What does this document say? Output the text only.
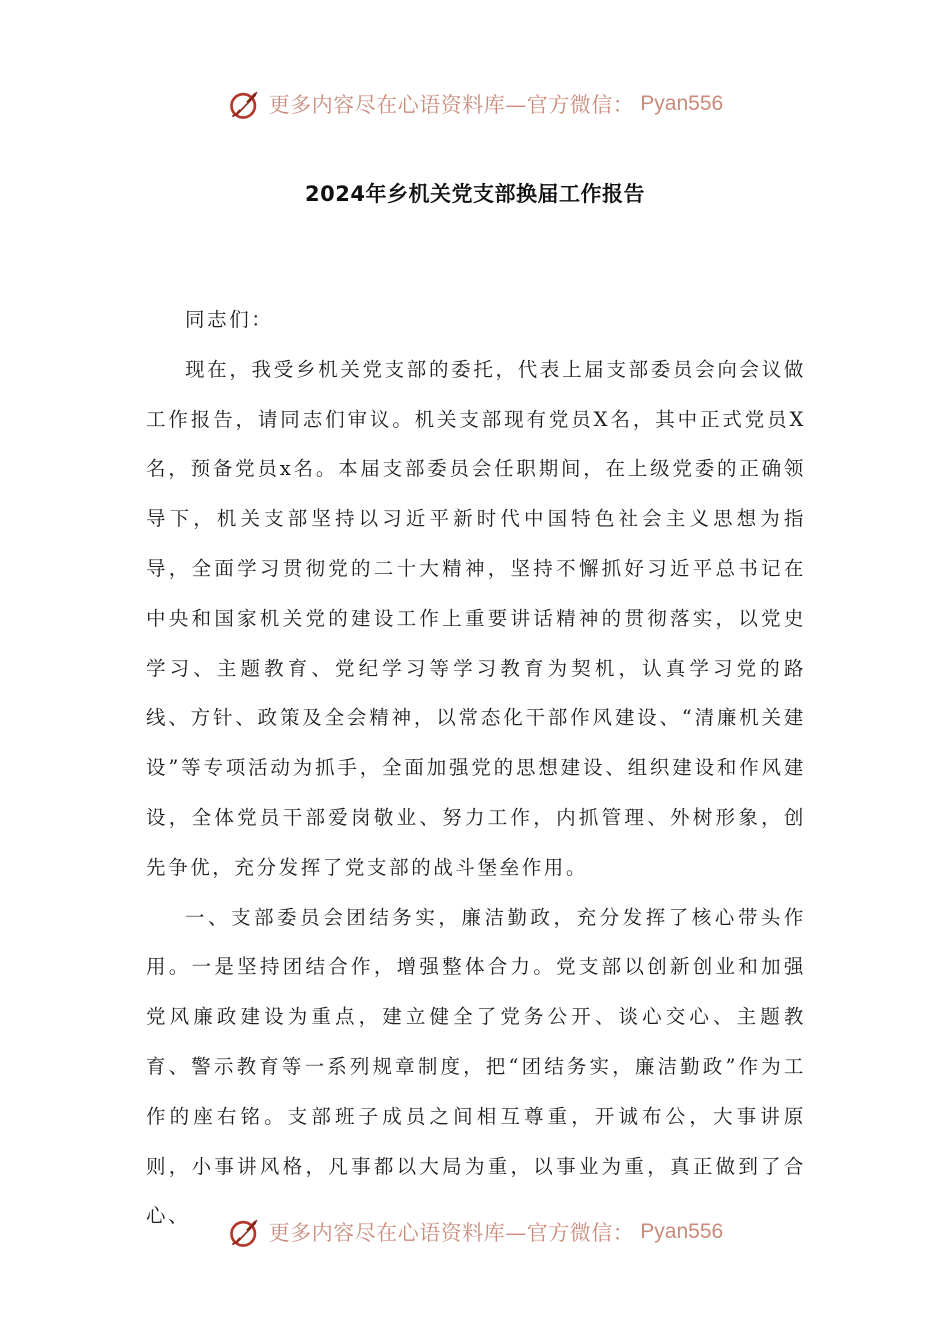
更多内容尽在心语资料库—官方微信： Pyan556
2024年乡机关党支部换届工作报告

同志们：

现在，我受乡机关党支部的委托，代表上届支部委员会向会议做工作报告，请同志们审议。机关支部现有党员X名，其中正式党员X名，预备党员x名。本届支部委员会任职期间，在上级党委的正确领导下，机关支部坚持以习近平新时代中国特色社会主义思想为指导，全面学习贯彻党的二十大精神，坚持不懈抓好习近平总书记在中央和国家机关党的建设工作上重要讲话精神的贯彻落实，以党史学习、主题教育、党纪学习等学习教育为契机，认真学习党的路线、方针、政策及全会精神，以常态化干部作风建设、“清廉机关建设”等专项活动为抓手，全面加强党的思想建设、组织建设和作风建设，全体党员干部爱岗敬业、努力工作，内抓管理、外树形象，创先争优，充分发挥了党支部的战斗堡垒作用。

一、支部委员会团结务实，廉洁勤政，充分发挥了核心带头作用。一是坚持团结合作，增强整体合力。党支部以创新创业和加强党风廉政建设为重点，建立健全了党务公开、谈心交心、主题教育、警示教育等一系列规章制度，把“团结务实，廉洁勤政”作为工作的座右铭。支部班子成员之间相互尊重，开诚布公，大事讲原则，小事讲风格，凡事都以大局为重，以事业为重，真正做到了合心、

更多内容尽在心语资料库—官方微信： Pyan556
